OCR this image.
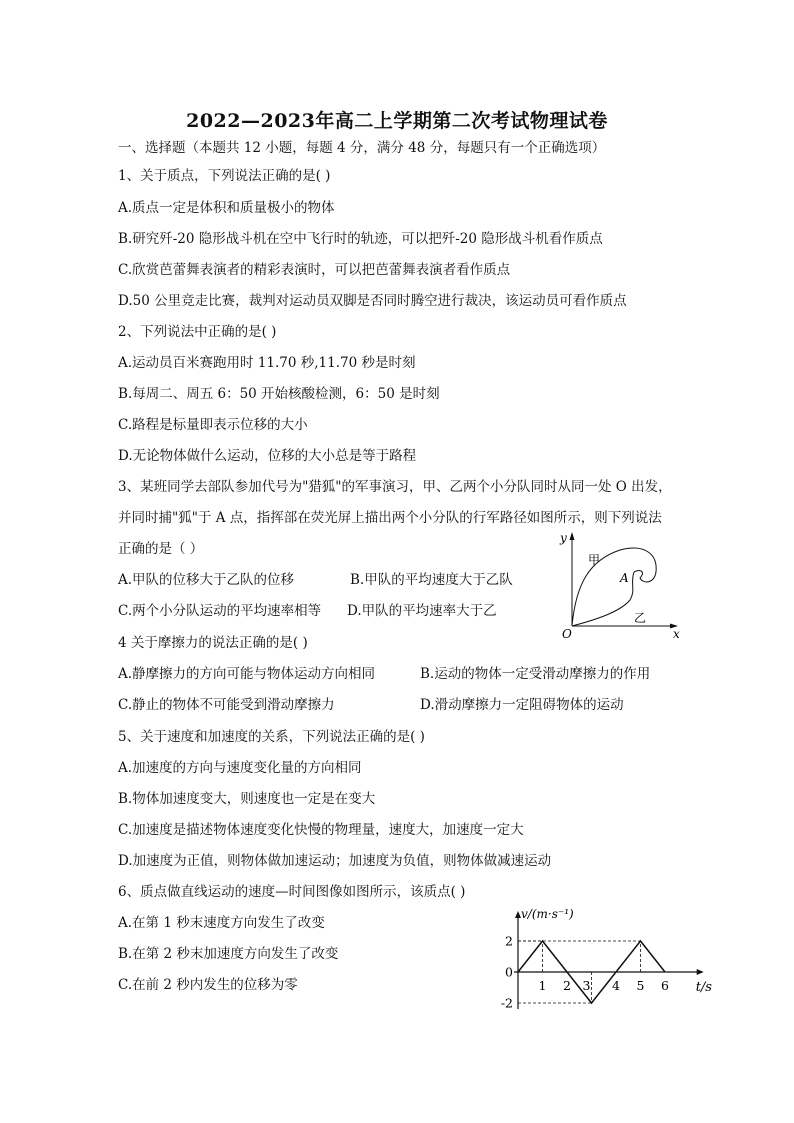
2022—2023年高二上学期第二次考试物理试卷
一、选择题（本题共 12 小题，每题 4 分，满分 48 分，每题只有一个正确选项）
1、关于质点，下列说法正确的是( )
A.质点一定是体积和质量极小的物体
B.研究歼-20 隐形战斗机在空中飞行时的轨迹，可以把歼-20 隐形战斗机看作质点
C.欣赏芭蕾舞表演者的精彩表演时，可以把芭蕾舞表演者看作质点
D.50 公里竞走比赛，裁判对运动员双脚是否同时腾空进行裁决，该运动员可看作质点
2、下列说法中正确的是( )
A.运动员百米赛跑用时 11.70 秒,11.70 秒是时刻
B.每周二、周五 6：50 开始核酸检测，6：50 是时刻
C.路程是标量即表示位移的大小
D.无论物体做什么运动，位移的大小总是等于路程
3、某班同学去部队参加代号为"猎狐"的军事演习，甲、乙两个小分队同时从同一处 O 出发，
并同时捕"狐"于 A 点，指挥部在荧光屏上描出两个小分队的行军路径如图所示，则下列说法
正确的是（ ）
A.甲队的位移大于乙队的位移	B.甲队的平均速度大于乙队
C.两个小分队运动的平均速率相等 D.甲队的平均速率大于乙
y
x
O
甲
乙
A
4 关于摩擦力的说法正确的是( )
A.静摩擦力的方向可能与物体运动方向相同	B.运动的物体一定受滑动摩擦力的作用
C.静止的物体不可能受到滑动摩擦力	D.滑动摩擦力一定阻碍物体的运动
5、关于速度和加速度的关系，下列说法正确的是( )
A.加速度的方向与速度变化量的方向相同
B.物体加速度变大，则速度也一定是在变大
C.加速度是描述物体速度变化快慢的物理量，速度大，加速度一定大
D.加速度为正值，则物体做加速运动；加速度为负值，则物体做减速运动
6、质点做直线运动的速度—时间图像如图所示，该质点( )
A.在第 1 秒末速度方向发生了改变
B.在第 2 秒末加速度方向发生了改变
C.在前 2 秒内发生的位移为零	1 2 3 4 5 6
2
0
-2
v/(m·s⁻¹)
t/s
